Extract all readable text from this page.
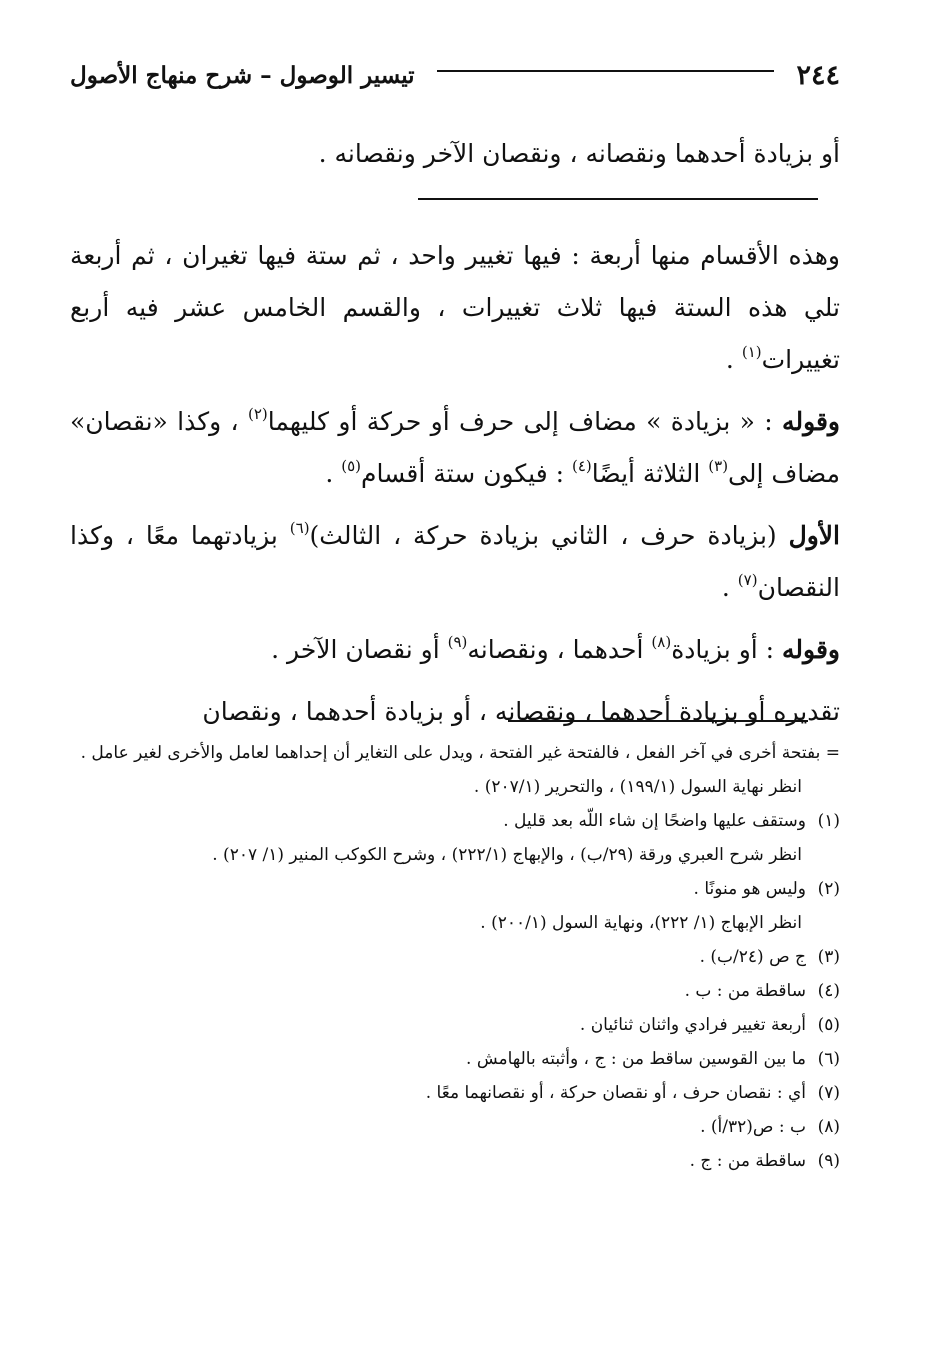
٢٤٤
تيسير الوصول – شرح منهاج الأصول

أو بزيادة أحدهما ونقصانه ، ونقصان الآخر ونقصانه .

وهذه الأقسام منها أربعة : فيها تغيير واحد ، ثم ستة فيها تغيران ، ثم أربعة تلي هذه الستة فيها ثلاث تغييرات ، والقسم الخامس عشر فيه أربع تغييرات$^{(١)}$ .

وقوله : « بزيادة » مضاف إلى حرف أو حركة أو كليهما$^{(٢)}$ ، وكذا «نقصان» مضاف إلى$^{(٣)}$ الثلاثة أيضًا$^{(٤)}$ : فيكون ستة أقسام$^{(٥)}$ .

الأول (بزيادة حرف ، الثاني بزيادة حركة ، الثالث)$^{(٦)}$ بزيادتهما معًا ، وكذا النقصان$^{(٧)}$ .

وقوله : أو بزيادة$^{(٨)}$ أحدهما ، ونقصانه$^{(٩)}$ أو نقصان الآخر .

تقديره أو بزيادة أحدهما ، ونقصانه ، أو بزيادة أحدهما ، ونقصان

= بفتحة أخرى في آخر الفعل ، فالفتحة غير الفتحة ، ويدل على التغاير أن إحداهما لعامل والأخرى لغير عامل .

انظر نهاية السول (١٩٩/١) ، والتحرير (٢٠٧/١) .

(١)وستقف عليها واضحًا إن شاء اللّه بعد قليل .

انظر شرح العبري ورقة (٢٩/ب) ، والإبهاج (٢٢٢/١) ، وشرح الكوكب المنير (١/ ٢٠٧) .

(٢)وليس هو منونًا .

انظر الإبهاج (١/ ٢٢٢)، ونهاية السول (٢٠٠/١) .

(٣)ج ص (٢٤/ب) .

(٤)ساقطة من : ب .

(٥)أربعة تغيير فرادي واثنان ثنائيان .

(٦)ما بين القوسين ساقط من : ج ، وأثبته بالهامش .

(٧)أي : نقصان حرف ، أو نقصان حركة ، أو نقصانهما معًا .

(٨)ب : ص(٣٢/أ) .

(٩)ساقطة من : ج .
